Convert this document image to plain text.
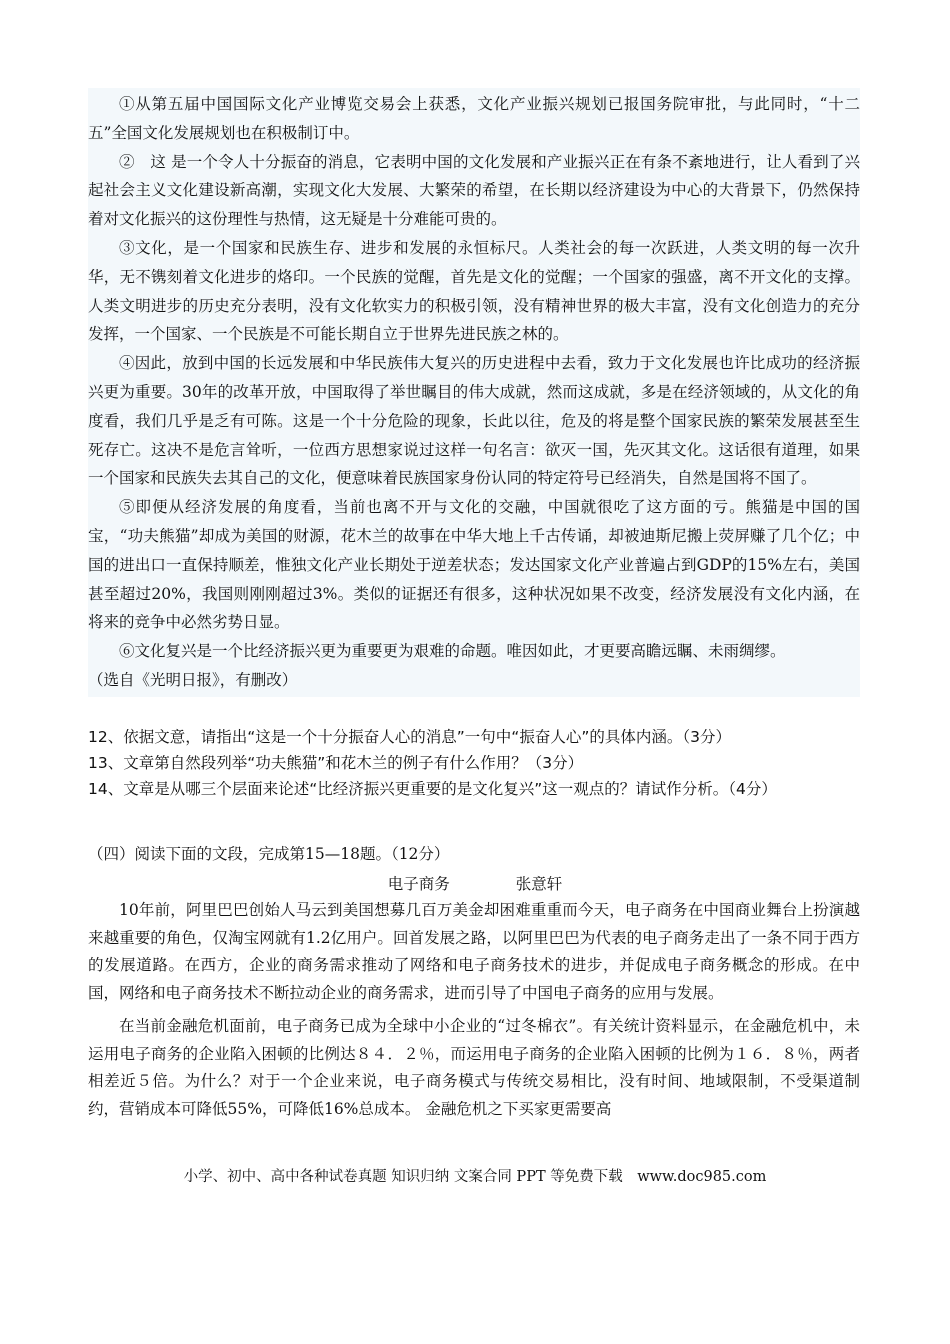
①从第五届中国国际文化产业博览交易会上获悉，文化产业振兴规划已报国务院审批，与此同时，“十二五”全国文化发展规划也在积极制订中。

②　这 是一个令人十分振奋的消息，它表明中国的文化发展和产业振兴正在有条不紊地进行，让人看到了兴起社会主义文化建设新高潮，实现文化大发展、大繁荣的希望，在长期以经济建设为中心的大背景下，仍然保持着对文化振兴的这份理性与热情，这无疑是十分难能可贵的。

③文化，是一个国家和民族生存、进步和发展的永恒标尺。人类社会的每一次跃进，人类文明的每一次升华，无不镌刻着文化进步的烙印。一个民族的觉醒，首先是文化的觉醒；一个国家的强盛，离不开文化的支撑。人类文明进步的历史充分表明，没有文化软实力的积极引领，没有精神世界的极大丰富，没有文化创造力的充分发挥，一个国家、一个民族是不可能长期自立于世界先进民族之林的。

④因此，放到中国的长远发展和中华民族伟大复兴的历史进程中去看，致力于文化发展也许比成功的经济振兴更为重要。30年的改革开放，中国取得了举世瞩目的伟大成就，然而这成就，多是在经济领域的，从文化的角度看，我们几乎是乏有可陈。这是一个十分危险的现象，长此以往，危及的将是整个国家民族的繁荣发展甚至生死存亡。这决不是危言耸听，一位西方思想家说过这样一句名言：欲灭一国，先灭其文化。这话很有道理，如果一个国家和民族失去其自己的文化，便意味着民族国家身份认同的特定符号已经消失，自然是国将不国了。

⑤即便从经济发展的角度看，当前也离不开与文化的交融，中国就很吃了这方面的亏。熊猫是中国的国宝，“功夫熊猫”却成为美国的财源，花木兰的故事在中华大地上千古传诵，却被迪斯尼搬上荧屏赚了几个亿；中国的进出口一直保持顺差，惟独文化产业长期处于逆差状态；发达国家文化产业普遍占到GDP的15%左右，美国甚至超过20%，我国则刚刚超过3%。类似的证据还有很多，这种状况如果不改变，经济发展没有文化内涵，在将来的竞争中必然劣势日显。

⑥文化复兴是一个比经济振兴更为重要更为艰难的命题。唯因如此，才更要高瞻远瞩、未雨绸缪。

（选自《光明日报》，有删改）

12、依据文意，请指出“这是一个十分振奋人心的消息”一句中“振奋人心”的具体内涵。（3分）

13、文章第自然段列举“功夫熊猫”和花木兰的例子有什么作用？（3分）

14、文章是从哪三个层面来论述“比经济振兴更重要的是文化复兴”这一观点的？请试作分析。（4分）

（四）阅读下面的文段，完成第15—18题。（12分）
电子商务	张意轩

10年前，阿里巴巴创始人马云到美国想募几百万美金却困难重重而今天，电子商务在中国商业舞台上扮演越来越重要的角色，仅淘宝网就有1.2亿用户。回首发展之路，以阿里巴巴为代表的电子商务走出了一条不同于西方的发展道路。在西方，企业的商务需求推动了网络和电子商务技术的进步，并促成电子商务概念的形成。在中国，网络和电子商务技术不断拉动企业的商务需求，进而引导了中国电子商务的应用与发展。

在当前金融危机面前，电子商务已成为全球中小企业的“过冬棉衣”。有关统计资料显示，在金融危机中，未运用电子商务的企业陷入困顿的比例达８４．２％，而运用电子商务的企业陷入困顿的比例为１６．８％，两者相差近５倍。为什么？对于一个企业来说，电子商务模式与传统交易相比，没有时间、地域限制，不受渠道制约，营销成本可降低55%，可降低16%总成本。 金融危机之下买家更需要高

小学、初中、高中各种试卷真题 知识归纳 文案合同 PPT 等免费下载　www.doc985.com
